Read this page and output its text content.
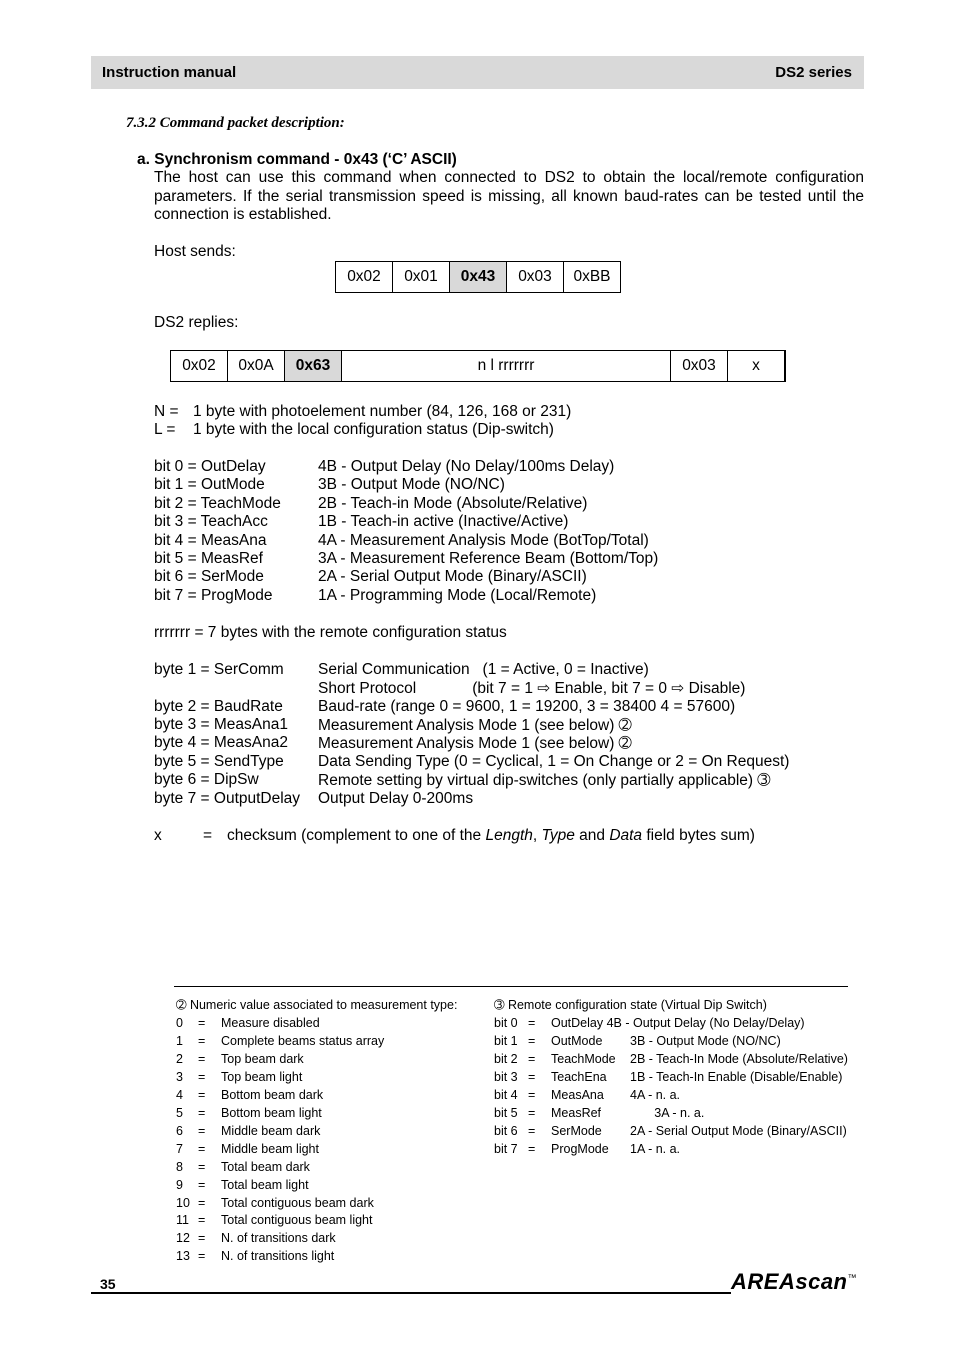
Instruction manual	DS2 series
7.3.2 Command packet description:
a. Synchronism command - 0x43 (‘C’ ASCII)
The host can use this command when connected to DS2 to obtain the local/remote configuration parameters. If the serial transmission speed is missing, all known baud-rates can be tested until the connection is established.
Host sends:
0x02	0x01	0x43	0x03	0xBB
DS2 replies:
0x02	0x0A	0x63	n l rrrrrrr	0x03	x
N = 1 byte with photoelement number (84, 126, 168 or 231)
L = 1 byte with the local configuration status (Dip-switch)
bit 0 = OutDelay	4B - Output Delay (No Delay/100ms Delay)
bit 1 = OutMode	3B - Output Mode (NO/NC)
bit 2 = TeachMode 2B - Teach-in Mode (Absolute/Relative)
bit 3 = TeachAcc	1B - Teach-in active (Inactive/Active)
bit 4 = MeasAna	4A - Measurement Analysis Mode (BotTop/Total)
bit 5 = MeasRef	3A - Measurement Reference Beam (Bottom/Top)
bit 6 = SerMode	2A - Serial Output Mode (Binary/ASCII)
bit 7 = ProgMode	1A - Programming Mode (Local/Remote)
rrrrrrr = 7 bytes with the remote configuration status
byte 1 = SerComm Serial Communication   (1 = Active, 0 = Inactive)
Short Protocol             (bit 7 = 1 ⇨ Enable, bit 7 = 0 ⇨ Disable)
byte 2 = BaudRate Baud-rate (range 0 = 9600, 1 = 19200, 3 = 38400 4 = 57600)
byte 3 = MeasAna1 Measurement Analysis Mode 1 (see below) ➁
byte 4 = MeasAna2 Measurement Analysis Mode 1 (see below) ➁
byte 5 = SendType Data Sending Type (0 = Cyclical, 1 = On Change or 2 = On Request)
byte 6 = DipSw	Remote setting by virtual dip-switches (only partially applicable) ➂
byte 7 = OutputDelay Output Delay 0-200ms
x	= checksum (complement to one of the Length, Type and Data field bytes sum)
➁ Numeric value associated to measurement type:
0 = Measure disabled
1 = Complete beams status array
2 = Top beam dark
3 = Top beam light
4 = Bottom beam dark
5 = Bottom beam light
6 = Middle beam dark
7 = Middle beam light
8 = Total beam dark
9 = Total beam light
10 = Total contiguous beam dark
11 = Total contiguous beam light
12 = N. of transitions dark
13 = N. of transitions light
➂ Remote configuration state (Virtual Dip Switch)
bit 0 = OutDelay 4B - Output Delay (No Delay/Delay)
bit 1 = OutMode 3B - Output Mode (NO/NC)
bit 2 = TeachMode 2B - Teach-In Mode (Absolute/Relative)
bit 3 = TeachEna 1B - Teach-In Enable (Disable/Enable)
bit 4 = MeasAna 4A - n. a.
bit 5 = MeasRef 3A - n. a.
bit 6 = SerMode 2A - Serial Output Mode (Binary/ASCII)
bit 7 = ProgMode 1A - n. a.
35	AREAscan™
